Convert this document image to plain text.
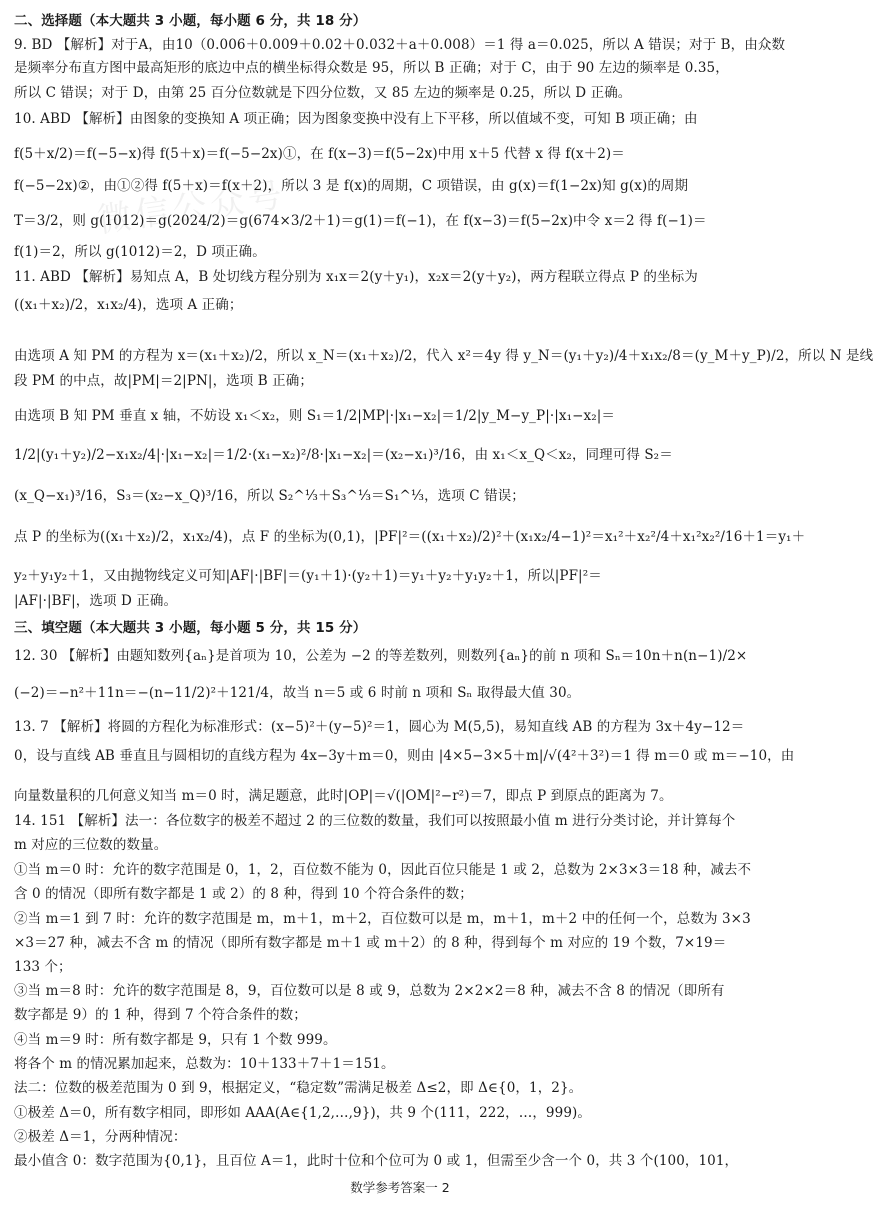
微信公众号
二、选择题（本大题共 3 小题，每小题 6 分，共 18 分）
9. BD 【解析】对于A，由10（0.006＋0.009＋0.02＋0.032＋a＋0.008）＝1 得 a＝0.025，所以 A 错误；对于 B，由众数
是频率分布直方图中最高矩形的底边中点的横坐标得众数是 95，所以 B 正确；对于 C，由于 90 左边的频率是 0.35，
所以 C 错误；对于 D，由第 25 百分位数就是下四分位数，又 85 左边的频率是 0.25，所以 D 正确。
10. ABD 【解析】由图象的变换知 A 项正确；因为图象变换中没有上下平移，所以值域不变，可知 B 项正确；由
f(5＋x/2)＝f(−5−x)得 f(5＋x)＝f(−5−2x)①，在 f(x−3)＝f(5−2x)中用 x＋5 代替 x 得 f(x＋2)＝
f(−5−2x)②，由①②得 f(5＋x)＝f(x＋2)，所以 3 是 f(x)的周期，C 项错误，由 g(x)＝f(1−2x)知 g(x)的周期
T＝3/2，则 g(1012)＝g(2024/2)＝g(674×3/2＋1)＝g(1)＝f(−1)，在 f(x−3)＝f(5−2x)中令 x＝2 得 f(−1)＝
f(1)＝2，所以 g(1012)＝2，D 项正确。
11. ABD 【解析】易知点 A，B 处切线方程分别为 x₁x＝2(y＋y₁)，x₂x＝2(y＋y₂)，两方程联立得点 P 的坐标为
((x₁＋x₂)/2，x₁x₂/4)，选项 A 正确；
由选项 A 知 PM 的方程为 x＝(x₁＋x₂)/2，所以 x_N＝(x₁＋x₂)/2，代入 x²＝4y 得 y_N＝(y₁＋y₂)/4＋x₁x₂/8＝(y_M＋y_P)/2，所以 N 是线
段 PM 的中点，故|PM|＝2|PN|，选项 B 正确；
由选项 B 知 PM 垂直 x 轴，不妨设 x₁＜x₂，则 S₁＝1/2|MP|·|x₁−x₂|＝1/2|y_M−y_P|·|x₁−x₂|＝
1/2|(y₁＋y₂)/2−x₁x₂/4|·|x₁−x₂|＝1/2·(x₁−x₂)²/8·|x₁−x₂|＝(x₂−x₁)³/16，由 x₁＜x_Q＜x₂，同理可得 S₂＝
(x_Q−x₁)³/16，S₃＝(x₂−x_Q)³/16，所以 S₂^⅓＋S₃^⅓＝S₁^⅓，选项 C 错误；
点 P 的坐标为((x₁＋x₂)/2，x₁x₂/4)，点 F 的坐标为(0,1)，|PF|²＝((x₁＋x₂)/2)²＋(x₁x₂/4−1)²＝x₁²＋x₂²/4＋x₁²x₂²/16＋1＝y₁＋
y₂＋y₁y₂＋1，又由抛物线定义可知|AF|·|BF|＝(y₁＋1)·(y₂＋1)＝y₁＋y₂＋y₁y₂＋1，所以|PF|²＝
|AF|·|BF|，选项 D 正确。
三、填空题（本大题共 3 小题，每小题 5 分，共 15 分）
12. 30 【解析】由题知数列{aₙ}是首项为 10，公差为 −2 的等差数列，则数列{aₙ}的前 n 项和 Sₙ＝10n＋n(n−1)/2×
(−2)＝−n²＋11n＝−(n−11/2)²＋121/4，故当 n＝5 或 6 时前 n 项和 Sₙ 取得最大值 30。
13. 7 【解析】将圆的方程化为标准形式：(x−5)²＋(y−5)²＝1，圆心为 M(5,5)，易知直线 AB 的方程为 3x＋4y−12＝
0，设与直线 AB 垂直且与圆相切的直线方程为 4x−3y＋m＝0，则由 |4×5−3×5＋m|/√(4²＋3²)＝1 得 m＝0 或 m＝−10，由
向量数量积的几何意义知当 m＝0 时，满足题意，此时|OP|＝√(|OM|²−r²)＝7，即点 P 到原点的距离为 7。
14. 151 【解析】法一：各位数字的极差不超过 2 的三位数的数量，我们可以按照最小值 m 进行分类讨论，并计算每个
m 对应的三位数的数量。
①当 m＝0 时：允许的数字范围是 0，1，2，百位数不能为 0，因此百位只能是 1 或 2，总数为 2×3×3＝18 种，减去不
含 0 的情况（即所有数字都是 1 或 2）的 8 种，得到 10 个符合条件的数；
②当 m＝1 到 7 时：允许的数字范围是 m，m＋1，m＋2，百位数可以是 m，m＋1，m＋2 中的任何一个，总数为 3×3
×3＝27 种，减去不含 m 的情况（即所有数字都是 m＋1 或 m＋2）的 8 种，得到每个 m 对应的 19 个数，7×19＝
133 个；
③当 m＝8 时：允许的数字范围是 8，9，百位数可以是 8 或 9，总数为 2×2×2＝8 种，减去不含 8 的情况（即所有
数字都是 9）的 1 种，得到 7 个符合条件的数；
④当 m＝9 时：所有数字都是 9，只有 1 个数 999。
将各个 m 的情况累加起来，总数为：10＋133＋7＋1＝151。
法二：位数的极差范围为 0 到 9，根据定义，“稳定数”需满足极差 Δ≤2，即 Δ∈{0，1，2}。
①极差 Δ＝0，所有数字相同，即形如 AAA(A∈{1,2,…,9})，共 9 个(111，222，…，999)。
②极差 Δ＝1，分两种情况：
最小值含 0：数字范围为{0,1}，且百位 A＝1，此时十位和个位可为 0 或 1，但需至少含一个 0，共 3 个(100，101，
数学参考答案一 2
